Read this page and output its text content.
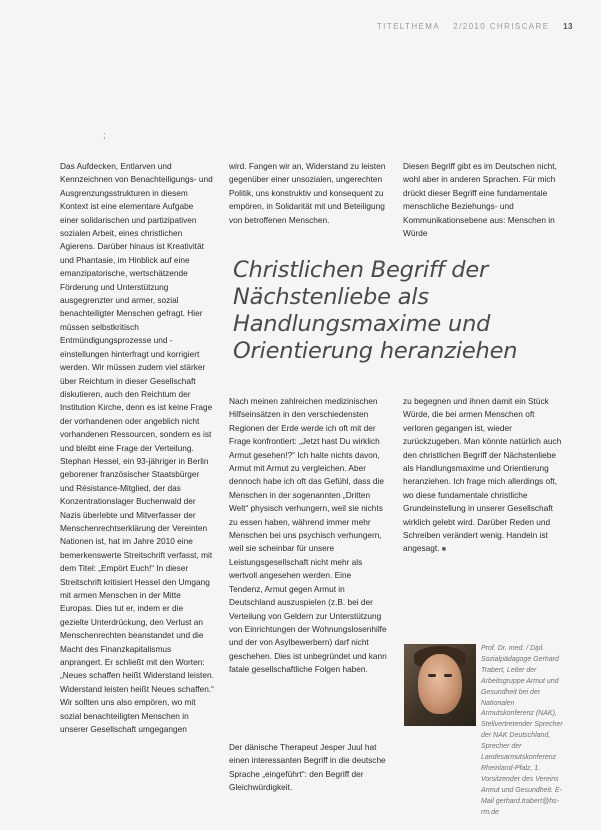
TITELTHEMA 2/2010 CHRISCARE 13
;

Das Aufdecken, Entlarven und Kennzeichnen von Benachteiligungs- und Ausgrenzungsstrukturen in diesem Kontext ist eine elementare Aufgabe einer solidarischen und partizipativen sozialen Arbeit, eines christlichen Agierens. Darüber hinaus ist Kreativität und Phantasie, im Hinblick auf eine emanzipatorische, wertschätzende Förderung und Unterstützung ausgegrenzter und armer, sozial benachteiligter Menschen gefragt. Hier müssen selbstkritisch Entmündigungsprozesse und -einstellungen hinterfragt und korrigiert werden. Wir müssen zudem viel stärker über Reichtum in dieser Gesellschaft diskutieren, auch den Reichtum der Institution Kirche, denn es ist keine Frage der vorhandenen oder angeblich nicht vorhandenen Ressourcen, sondern es ist und bleibt eine Frage der Verteilung. Stephan Hessel, ein 93-jähriger in Berlin geborener französischer Staatsbürger und Résistance-Mitglied, der das Konzentrationslager Buchenwald der Nazis überlebte und Mitverfasser der Menschenrechtserklärung der Vereinten Nationen ist, hat im Jahre 2010 eine bemerkenswerte Streitschrift verfasst, mit dem Titel: „Empört Euch!“ In dieser Streitschrift kritisiert Hessel den Umgang mit armen Menschen in der Mitte Europas. Dies tut er, indem er die gezielte Unterdrückung, den Verlust an Menschenrechten beanstandet und die Macht des Finanzkapitalismus anprangert. Er schließt mit den Worten: „Neues schaffen heißt Widerstand leisten. Widerstand leisten heißt Neues schaffen.“ Wir sollten uns also empören, wo mit sozial benachteiligten Menschen in unserer Gesellschaft umgegangen

wird. Fangen wir an, Widerstand zu leisten gegenüber einer unsozialen, ungerechten Politik, uns konstruktiv und konsequent zu empören, in Solidarität mit und Beteiligung von betroffenen Menschen.

Diesen Begriff gibt es im Deutschen nicht, wohl aber in anderen Sprachen. Für mich drückt dieser Begriff eine fundamentale menschliche Beziehungs- und Kommunikationsebene aus: Menschen in Würde

Christlichen Begriff der Nächstenliebe als Handlungsmaxime und Orientierung heranziehen

Nach meinen zahlreichen medizinischen Hilfseinsätzen in den verschiedensten Regionen der Erde werde ich oft mit der Frage konfrontiert: „Jetzt hast Du wirklich Armut gesehen!?“ Ich halte nichts davon, Armut mit Armut zu vergleichen. Aber dennoch habe ich oft das Gefühl, dass die Menschen in der sogenannten „Dritten Welt“ physisch verhungern, weil sie nichts zu essen haben, während immer mehr Menschen bei uns psychisch verhungern, weil sie scheinbar für unsere Leistungsgesellschaft nicht mehr als wertvoll angesehen werden. Eine Tendenz, Armut gegen Armut in Deutschland auszuspielen (z.B. bei der Verteilung von Geldern zur Unterstützung von Einrichtungen der Wohnungslosenhilfe und der von Asylbewerbern) darf nicht geschehen. Dies ist unbegründet und kann fatale gesellschaftliche Folgen haben.

Der dänische Therapeut Jesper Juul hat einen interessanten Begriff in die deutsche Sprache „eingeführt“: den Begriff der Gleichwürdigkeit.

zu begegnen und ihnen damit ein Stück Würde, die bei armen Menschen oft verloren gegangen ist, wieder zurückzugeben. Man könnte natürlich auch den christlichen Begriff der Nächstenliebe als Handlungsmaxime und Orientierung heranziehen. Ich frage mich allerdings oft, wo diese fundamentale christliche Grundeinstellung in unserer Gesellschaft wirklich gelebt wird. Darüber Reden und Schreiben verändert wenig. Handeln ist angesagt. ■

Prof. Dr. med. / Dipl. Sozialpädagoge Gerhard Trabert, Leiter der Arbeitsgruppe Armut und Gesundheit bei der Nationalen Armutskonferenz (NAK), Stellvertretender Sprecher der NAK Deutschland, Sprecher der Landesarmutskonferenz Rheinland-Pfalz, 1. Vorsitzender des Vereins Armut und Gesundheit. E-Mail gerhard.trabert@hs-rm.de
